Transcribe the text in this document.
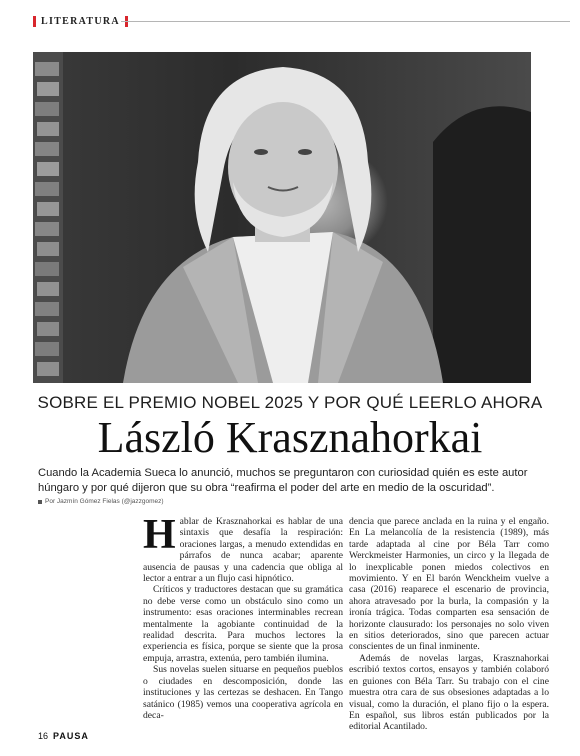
LITERATURA
SOBRE EL PREMIO NOBEL 2025 Y POR QUÉ LEERLO AHORA
László Krasznahorkai
Cuando la Academia Sueca lo anunció, muchos se preguntaron con curiosidad quién es este autor húngaro y por qué dijeron que su obra “reafirma el poder del arte en medio de la oscuridad”.
Por Jazmín Gómez Fielas (@jazzgomez)
H ablar de Krasznahorkai es hablar de una sintaxis que desafía la respiración: oraciones largas, a menudo extendidas en párrafos de nunca acabar; aparente ausencia de pausas y una cadencia que obliga al lector a entrar a un flujo casi hipnótico.

Críticos y traductores destacan que su gramática no debe verse como un obstáculo sino como un instrumento: esas oraciones interminables recrean mentalmente la agobiante continuidad de la realidad descrita. Para muchos lectores la experiencia es física, porque se siente que la prosa empuja, arrastra, extenúa, pero también ilumina.

Sus novelas suelen situarse en pequeños pueblos o ciudades en descomposición, donde las instituciones y las certezas se deshacen. En Tango satánico (1985) vemos una cooperativa agrícola en deca-

dencia que parece anclada en la ruina y el engaño. En La melancolía de la resistencia (1989), más tarde adaptada al cine por Béla Tarr como Werckmeister Harmonies, un circo y la llegada de lo inexplicable ponen miedos colectivos en movimiento. Y en El barón Wenckheim vuelve a casa (2016) reaparece el escenario de provincia, ahora atravesado por la burla, la compasión y la ironía trágica. Todas comparten esa sensación de horizonte clausurado: los personajes no solo viven en sitios deteriorados, sino que parecen actuar conscientes de un final inminente.

Además de novelas largas, Krasznahorkai escribió textos cortos, ensayos y también colaboró en guiones con Béla Tarr. Su trabajo con el cine muestra otra cara de sus obsesiones adaptadas a lo visual, como la duración, el plano fijo o la espera. En español, sus libros están publicados por la editorial Acantilado.

16 PAUSA
